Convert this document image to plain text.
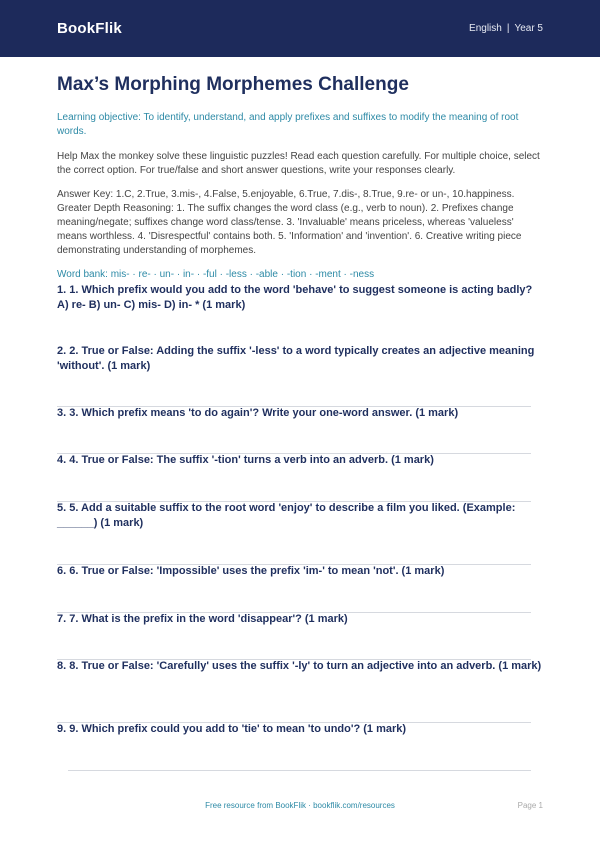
BookFlik	English | Year 5
Max’s Morphing Morphemes Challenge
Learning objective: To identify, understand, and apply prefixes and suffixes to modify the meaning of root words.
Help Max the monkey solve these linguistic puzzles! Read each question carefully. For multiple choice, select the correct option. For true/false and short answer questions, write your responses clearly.
Answer Key: 1.C, 2.True, 3.mis-, 4.False, 5.enjoyable, 6.True, 7.dis-, 8.True, 9.re- or un-, 10.happiness. Greater Depth Reasoning: 1. The suffix changes the word class (e.g., verb to noun). 2. Prefixes change meaning/negate; suffixes change word class/tense. 3. 'Invaluable' means priceless, whereas 'valueless' means worthless. 4. 'Disrespectful' contains both. 5. 'Information' and 'invention'. 6. Creative writing piece demonstrating understanding of morphemes.
Word bank: mis- · re- · un- · in- · -ful · -less · -able · -tion · -ment · -ness
1. 1. Which prefix would you add to the word 'behave' to suggest someone is acting badly? A) re- B) un- C) mis- D) in- * (1 mark)
2. 2. True or False: Adding the suffix '-less' to a word typically creates an adjective meaning 'without'. (1 mark)
3. 3. Which prefix means 'to do again'? Write your one-word answer. (1 mark)
4. 4. True or False: The suffix '-tion' turns a verb into an adverb. (1 mark)
5. 5. Add a suitable suffix to the root word 'enjoy' to describe a film you liked. (Example: ______) (1 mark)
6. 6. True or False: 'Impossible' uses the prefix 'im-' to mean 'not'. (1 mark)
7. 7. What is the prefix in the word 'disappear'? (1 mark)
8. 8. True or False: 'Carefully' uses the suffix '-ly' to turn an adjective into an adverb. (1 mark)
9. 9. Which prefix could you add to 'tie' to mean 'to undo'? (1 mark)
Free resource from BookFlik · bookflik.com/resources	Page 1
